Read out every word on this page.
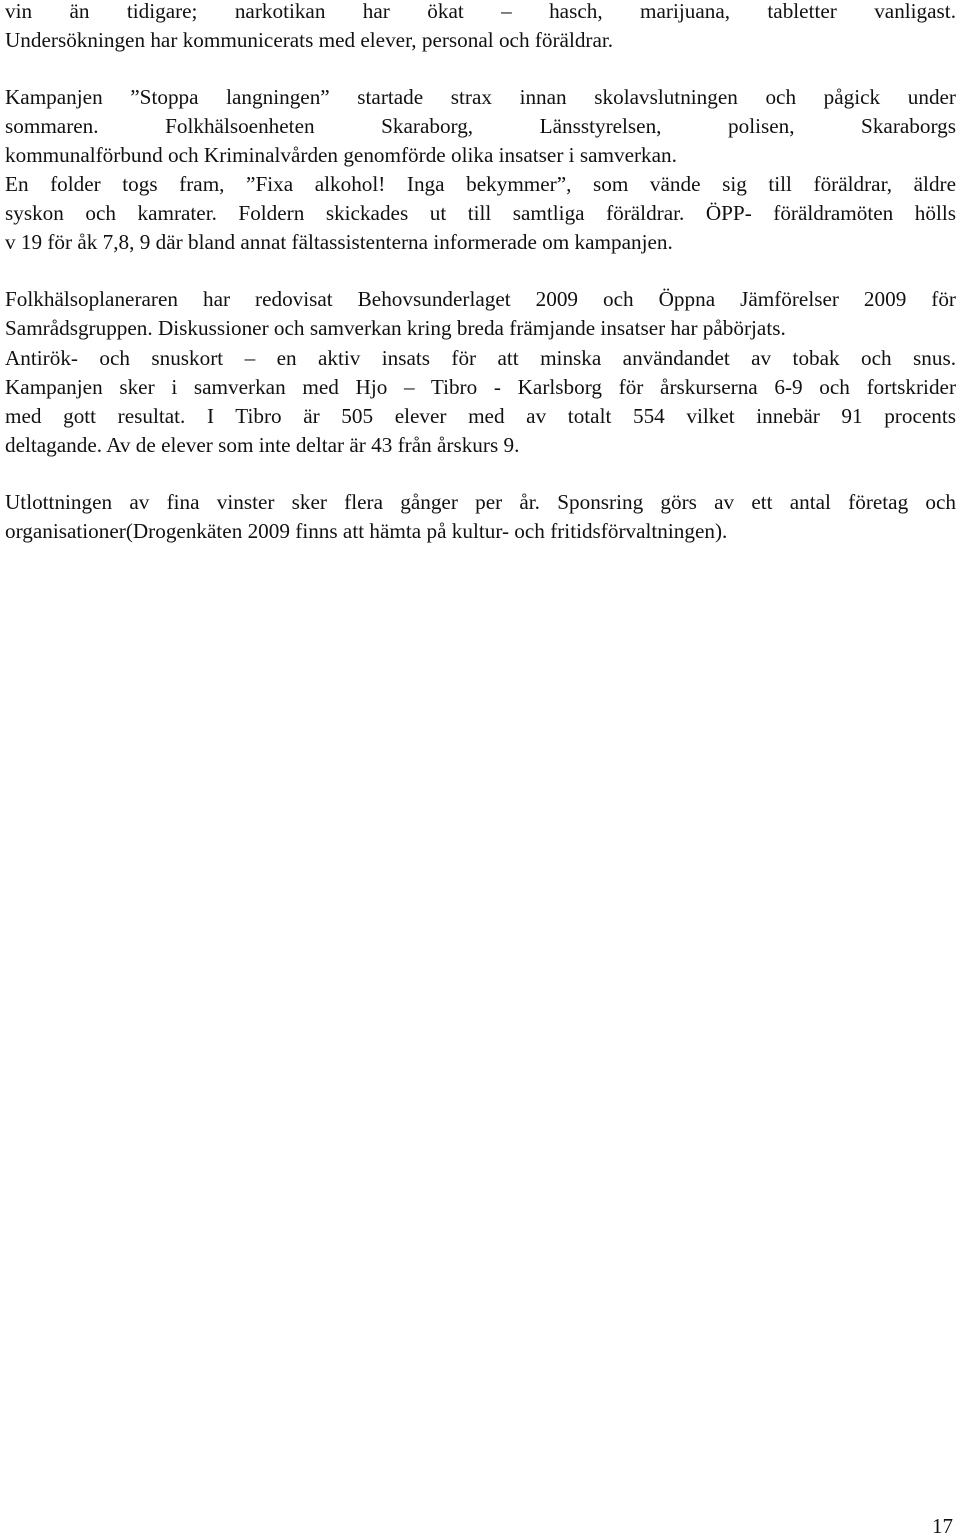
vin än tidigare; narkotikan har ökat – hasch, marijuana, tabletter vanligast.
Undersökningen har kommunicerats med elever, personal och föräldrar.

Kampanjen ”Stoppa langningen” startade strax innan skolavslutningen och pågick under
sommaren. Folkhälsoenheten Skaraborg, Länsstyrelsen, polisen, Skaraborgs
kommunalförbund och Kriminalvården genomförde olika insatser i samverkan.
En folder togs fram, ”Fixa alkohol! Inga bekymmer”, som vände sig till föräldrar, äldre
syskon och kamrater. Foldern skickades ut till samtliga föräldrar. ÖPP- föräldramöten hölls
v 19 för åk 7,8, 9 där bland annat fältassistenterna informerade om kampanjen.

Folkhälsoplaneraren har redovisat Behovsunderlaget 2009 och Öppna Jämförelser 2009 för
Samrådsgruppen. Diskussioner och samverkan kring breda främjande insatser har påbörjats.

Antirök- och snuskort – en aktiv insats för att minska användandet av tobak och snus.
Kampanjen sker i samverkan med Hjo – Tibro - Karlsborg för årskurserna 6-9 och fortskrider
med gott resultat. I Tibro är 505 elever med av totalt 554 vilket innebär 91 procents
deltagande. Av de elever som inte deltar är 43 från årskurs 9.

Utlottningen av fina vinster sker flera gånger per år. Sponsring görs av ett antal företag och
organisationer(Drogenkäten 2009 finns att hämta på kultur- och fritidsförvaltningen).

17
